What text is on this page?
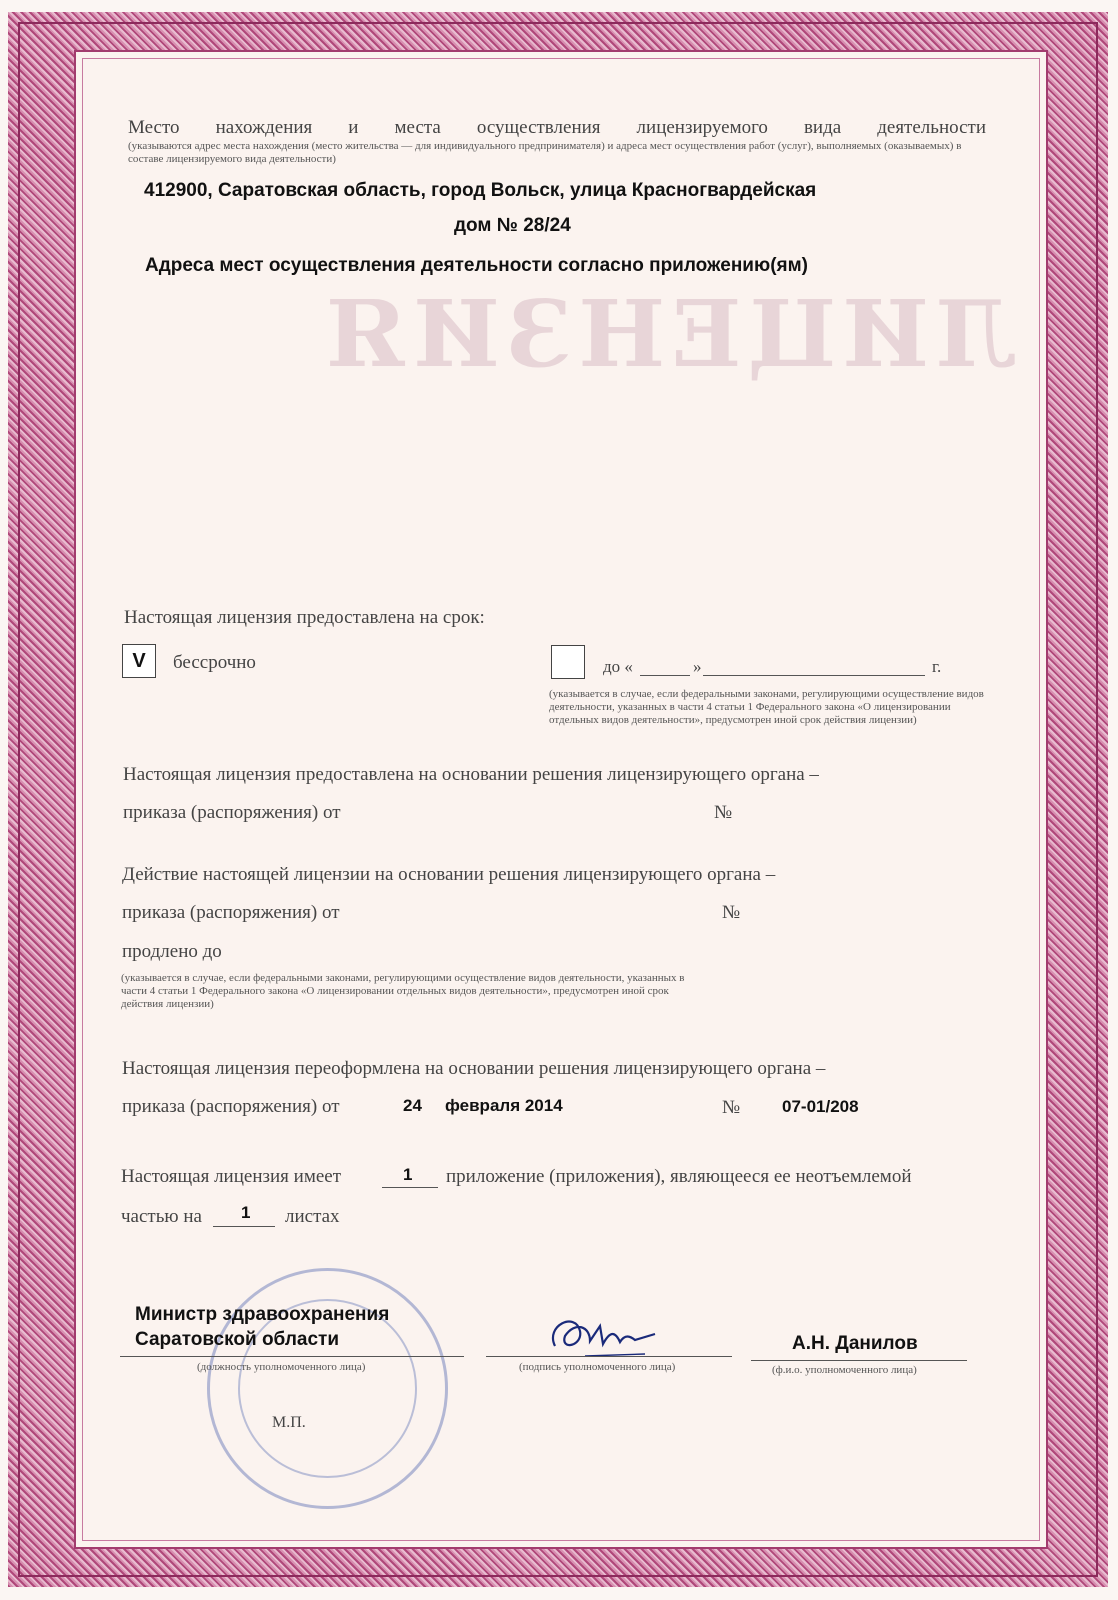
ЛИЦЕНЗИЯ
Место нахождения и места осуществления лицензируемого вида деятельности
(указываются адрес места нахождения (место жительства — для индивидуального предпринимателя) и адреса мест осуществления работ (услуг), выполняемых (оказываемых) в составе лицензируемого вида деятельности)
412900, Саратовская область, город Вольск, улица Красногвардейская
дом № 28/24
Адреса мест осуществления деятельности согласно приложению(ям)
Настоящая лицензия предоставлена на срок:
V	бессрочно	до «	»	г.
(указывается в случае, если федеральными законами, регулирующими осуществление видов деятельности, указанных в части 4 статьи 1 Федерального закона «О лицензировании отдельных видов деятельности», предусмотрен иной срок действия лицензии)
Настоящая лицензия предоставлена на основании решения лицензирующего органа –
приказа (распоряжения) от	№
Действие настоящей лицензии на основании решения лицензирующего органа –
приказа (распоряжения) от	№
продлено до
(указывается в случае, если федеральными законами, регулирующими осуществление видов деятельности, указанных в части 4 статьи 1 Федерального закона «О лицензировании отдельных видов деятельности», предусмотрен иной срок действия лицензии)
Настоящая лицензия переоформлена на основании решения лицензирующего органа –
приказа (распоряжения) от	24 февраля 2014	№ 07-01/208
Настоящая лицензия имеет	1 приложение (приложения), являющееся ее неотъемлемой
частью на 1 листах
Министр здравоохранения
Саратовской области
(должность уполномоченного лица)	(подпись уполномоченного лица)
А.Н. Данилов
(ф.и.о. уполномоченного лица)
М.П.
